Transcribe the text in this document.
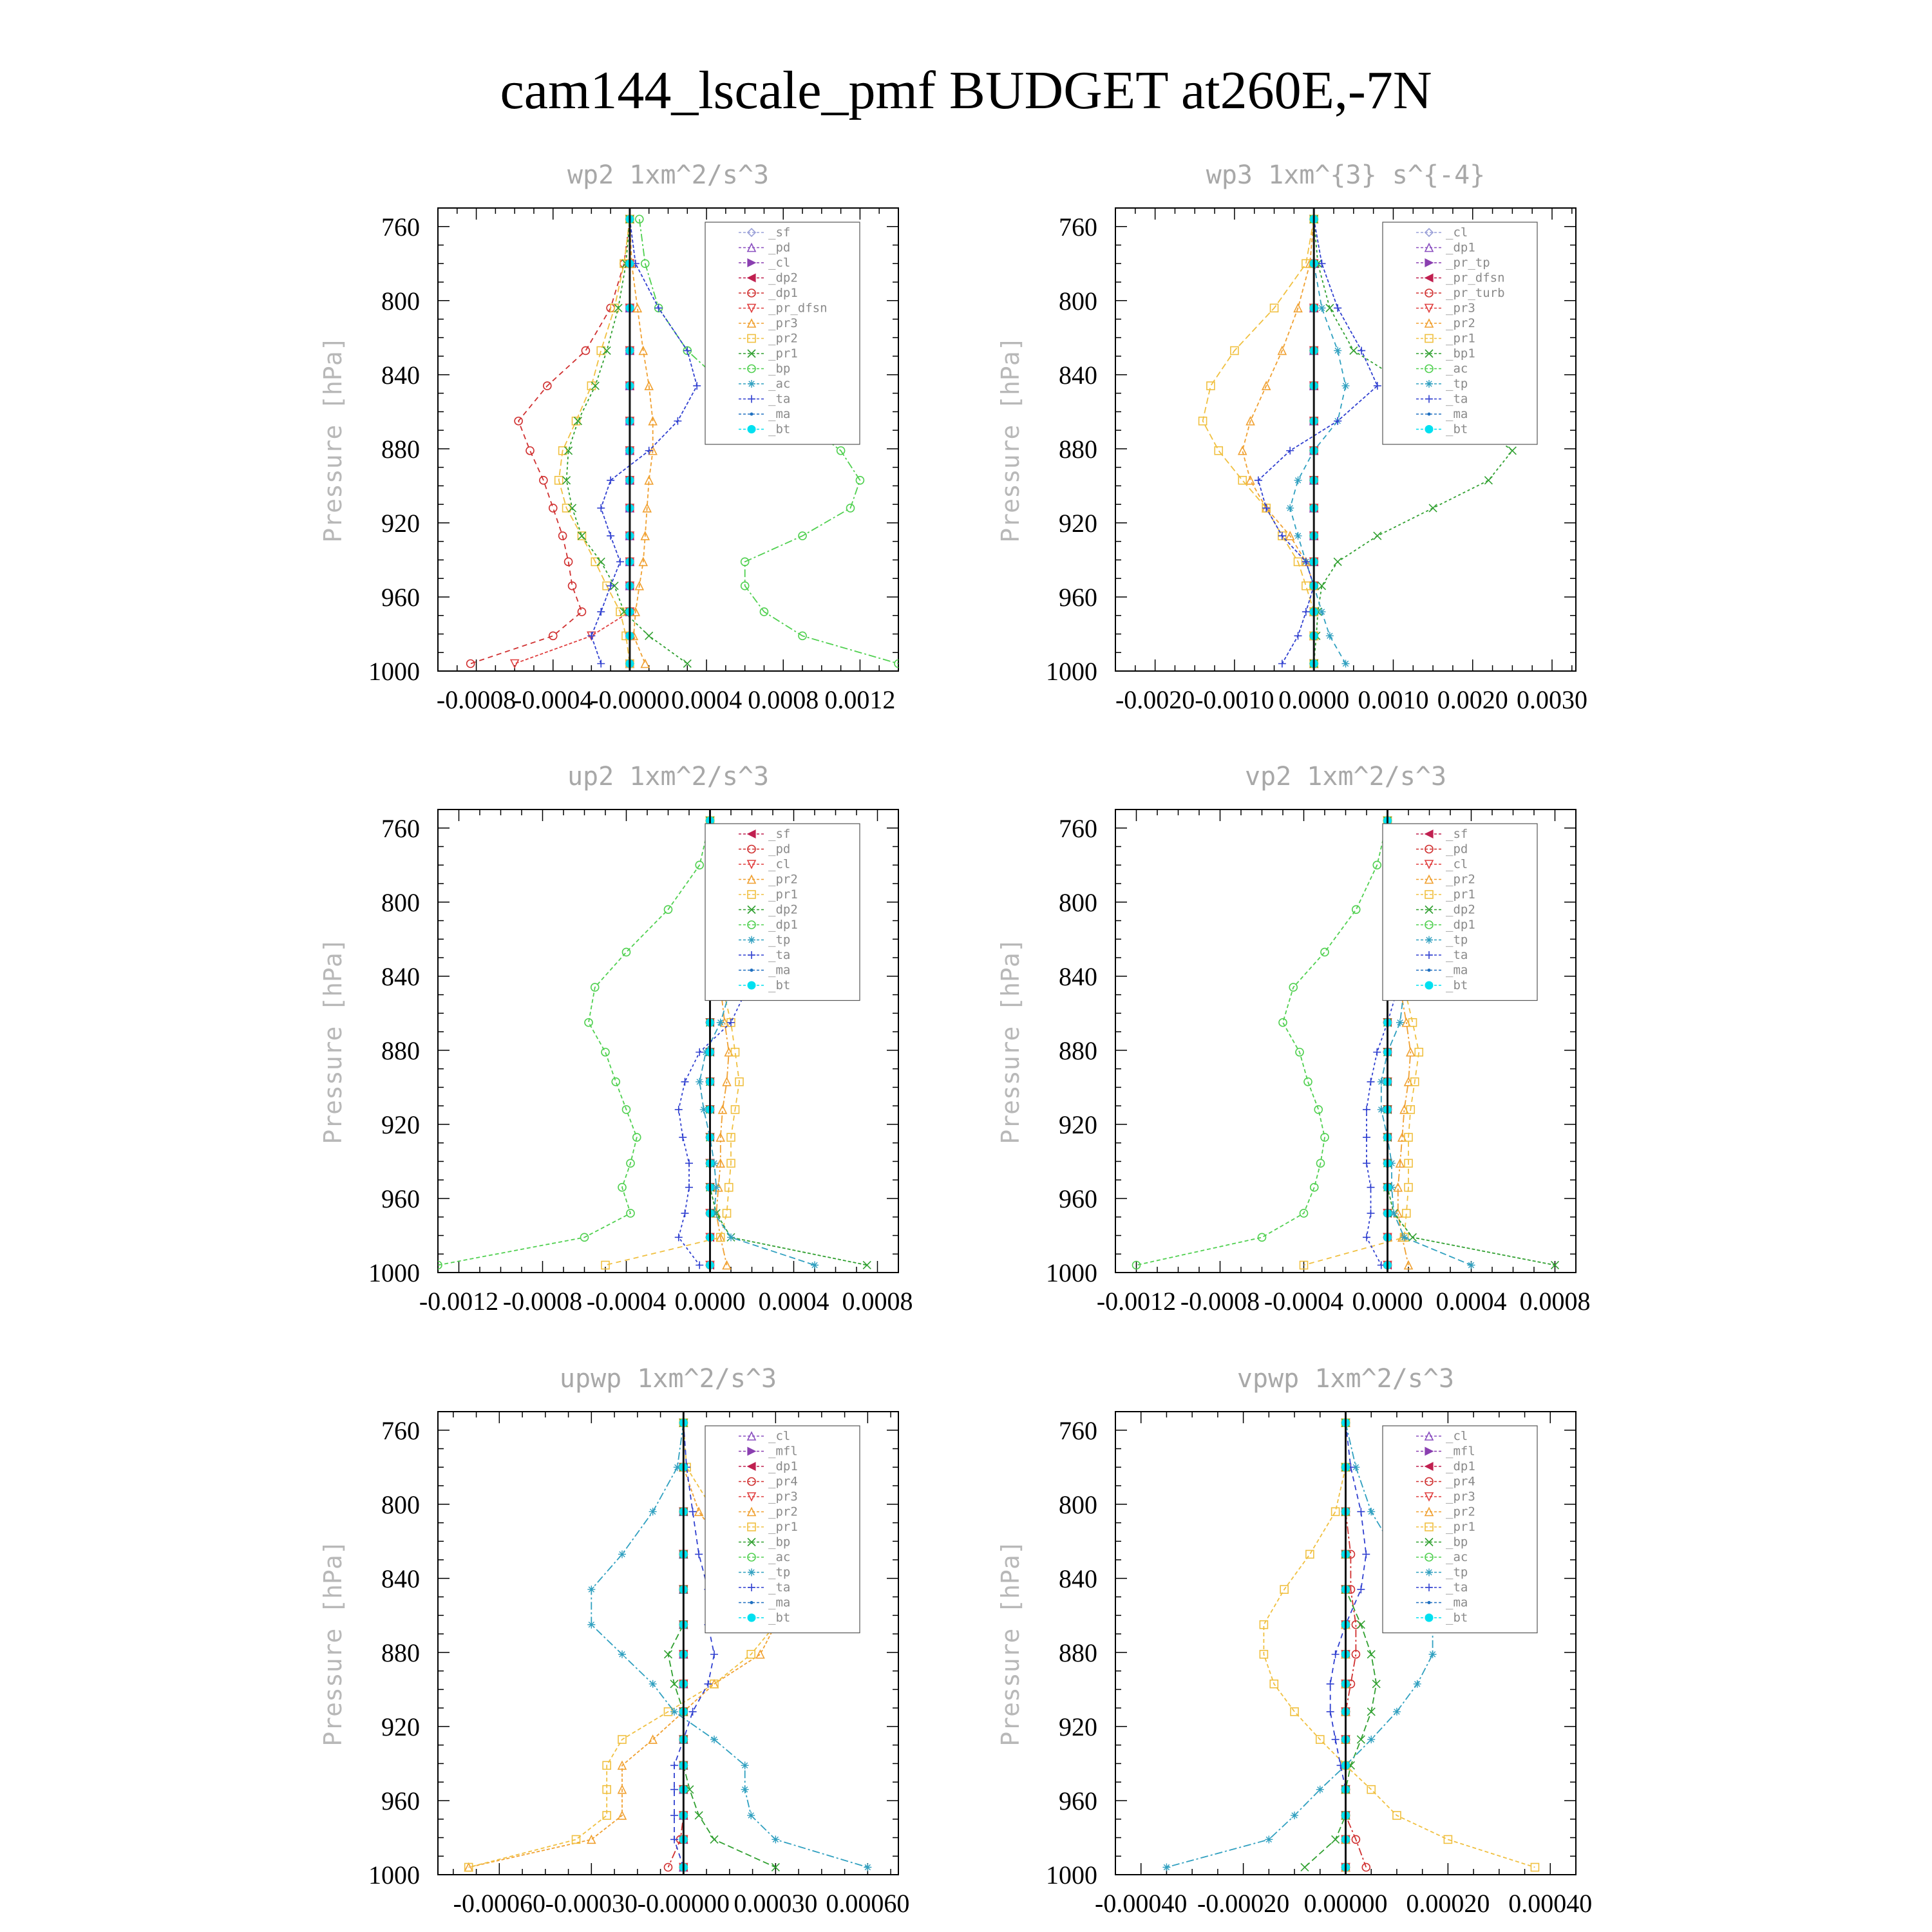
cam144_lscale_pmf BUDGET at260E,-7N
wp2 1xm^2/s^3
Pressure [hPa]
760
800
840
880
920
960
1000
-0.0008
-0.0004
-0.0000 0.0004 0.0008 0.0012
_sf
_pd
_cl
_dp2
_dp1
_pr_dfsn
_pr3
_pr2
_pr1
_bp
_ac
_ta
_ma
_bt
wp3 1xm^{3} s^{-4}
Pressure [hPa]
760
800
840
880
920
960
1000
-0.0020 -0.0010 0.0000 0.0010 0.0020 0.0030
_cl
_dp1
_pr_tp
_pr_dfsn
_pr_turb
_pr3
_pr2
_pr1
_bp1
_ac
_tp
_ta
_ma
_bt
up2 1xm^2/s^3
Pressure [hPa]
760
800
840
880
920
960
1000
-0.0012 -0.0008 -0.0004 0.0000 0.0004 0.0008
_sf
_pd
_cl
_pr2
_pr1
_dp2
_dp1
_tp
_ta
_ma
_bt
vp2 1xm^2/s^3
Pressure [hPa]
760
800
840
880
920
960
1000
-0.0012 -0.0008 -0.0004 0.0000 0.0004 0.0008
_sf
_pd
_cl
_pr2
_pr1
_dp2
_dp1
_tp
_ta
_ma
_bt
upwp 1xm^2/s^3
Pressure [hPa]
760
800
840
880
920
960
1000
-0.00060 -0.00030 -0.00000 0.00030 0.00060
_cl
_mfl
_dp1
_pr4
_pr3
_pr2
_pr1
_bp
_ac
_tp
_ta
_ma
_bt
vpwp 1xm^2/s^3
Pressure [hPa]
760
800
840
880
920
960
1000
-0.00040 -0.00020 0.00000 0.00020 0.00040
_cl
_mfl
_dp1
_pr4
_pr3
_pr2
_pr1
_bp
_ac
_tp
_ta
_ma
_bt
